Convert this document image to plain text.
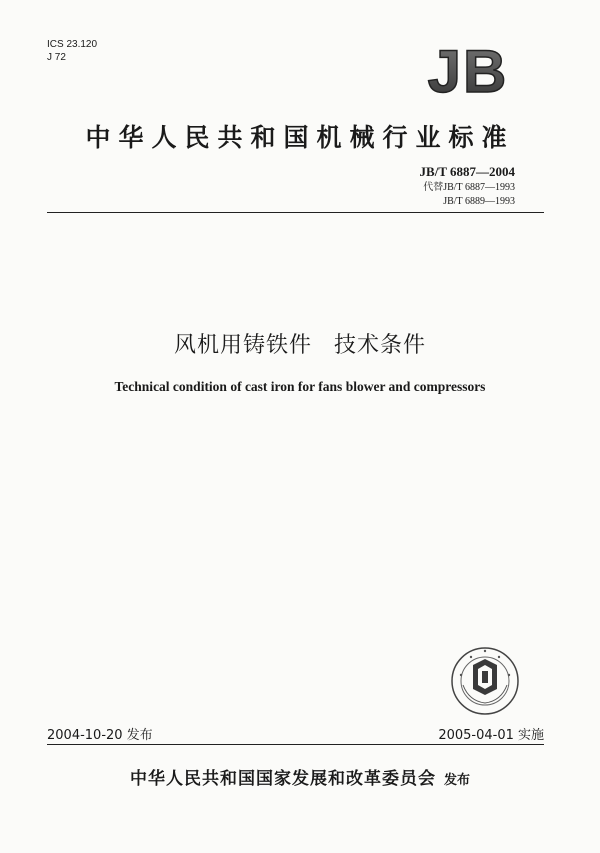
ICS 23.120
J 72	JB
中华人民共和国机械行业标准
JB/T 6887—2004
代替JB/T 6887—1993
JB/T 6889—1993
风机用铸铁件 技术条件
Technical condition of cast iron for fans blower and compressors
2004-10-20 发布	2005-04-01 实施
中华人民共和国国家发展和改革委员会 发布
